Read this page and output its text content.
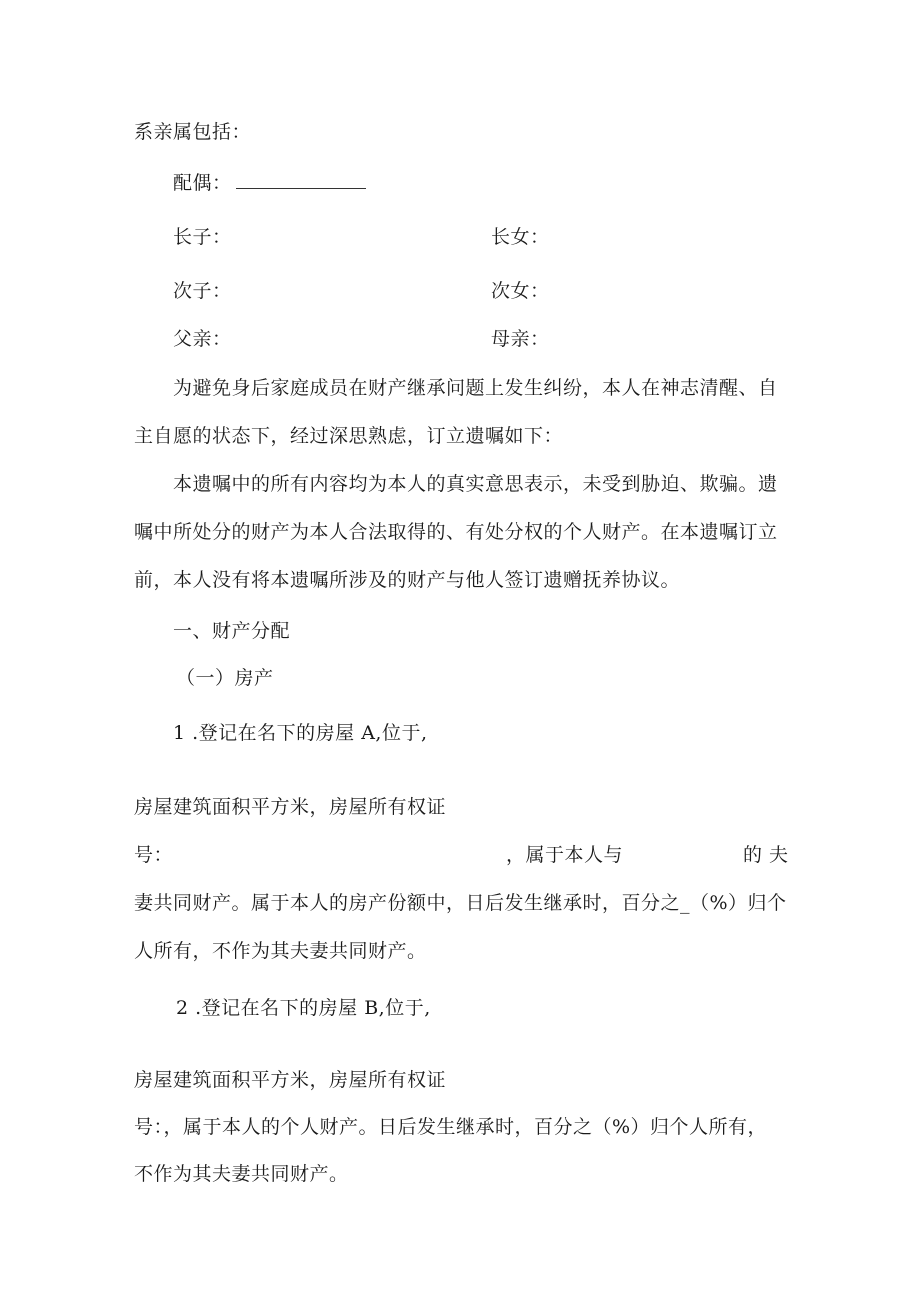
系亲属包括：
配偶：
长子：	长女：
次子：	次女：
父亲：	母亲：
为避免身后家庭成员在财产继承问题上发生纠纷，本人在神志清醒、自
主自愿的状态下，经过深思熟虑，订立遗嘱如下：
本遗嘱中的所有内容均为本人的真实意思表示，未受到胁迫、欺骗。遗
嘱中所处分的财产为本人合法取得的、有处分权的个人财产。在本遗嘱订立
前，本人没有将本遗嘱所涉及的财产与他人签订遗赠抚养协议。
一、财产分配
（一）房产
1 .登记在名下的房屋 A,位于,
房屋建筑面积平方米，房屋所有权证
号：	，属于本人与	的 夫
妻共同财产。属于本人的房产份额中，日后发生继承时，百分之_（%）归个
人所有，不作为其夫妻共同财产。
2 .登记在名下的房屋 B,位于,
房屋建筑面积平方米，房屋所有权证
号：，属于本人的个人财产。日后发生继承时，百分之（%）归个人所有，
不作为其夫妻共同财产。
